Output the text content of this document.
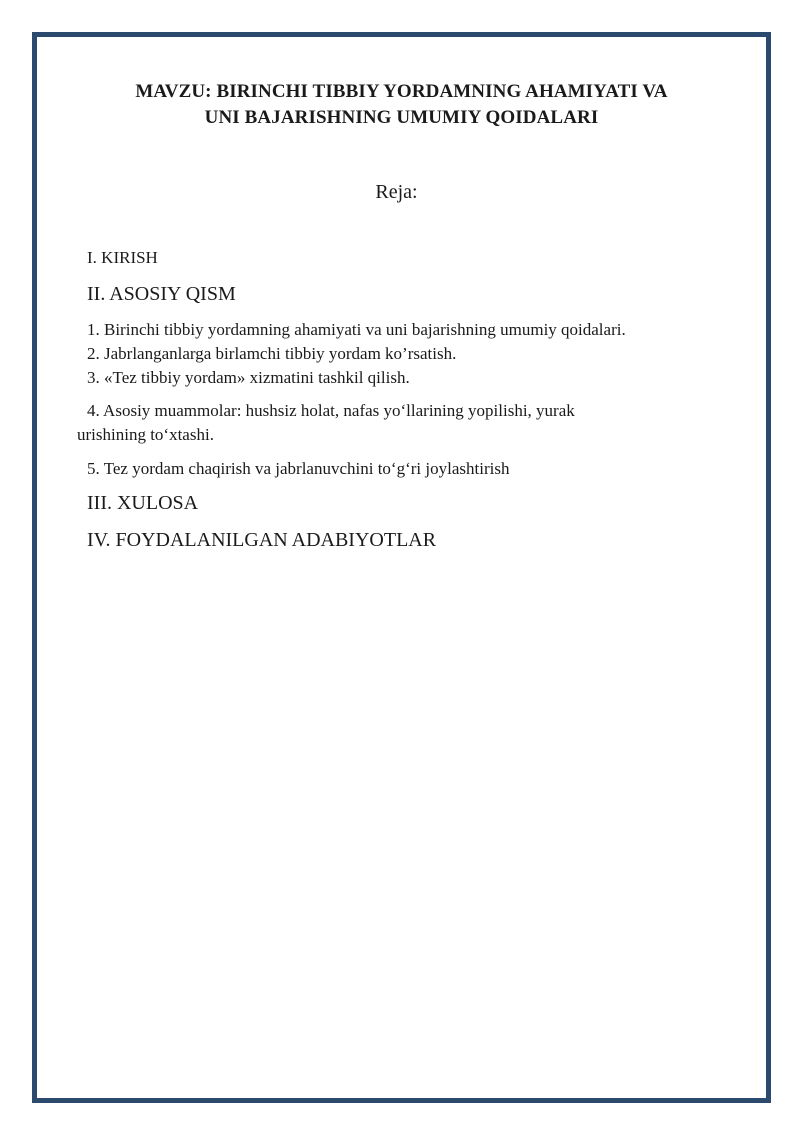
MAVZU: BIRINCHI TIBBIY YORDAMNING AHAMIYATI VA
UNI BAJARISHNING UMUMIY QOIDALARI
Reja:
I. KIRISH
II. ASOSIY QISM
1. Birinchi tibbiy yordamning ahamiyati va uni bajarishning umumiy qoidalari.
2. Jabrlanganlarga birlamchi tibbiy yordam ko’rsatish.
3. «Tez tibbiy yordam» xizmatini tashkil qilish.
4. Asosiy muammolar: hushsiz holat, nafas yo‘llarining yopilishi, yurak
urishining to‘xtashi.
5. Tez yordam chaqirish va jabrlanuvchini to‘g‘ri joylashtirish
III. XULOSA
IV. FOYDALANILGAN ADABIYOTLAR
